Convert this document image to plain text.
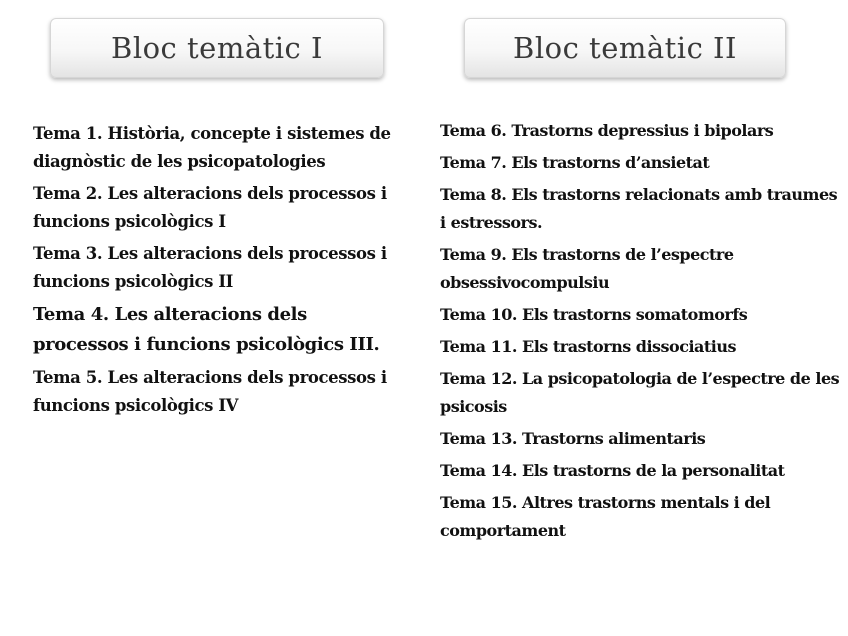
Bloc temàtic I	Bloc temàtic II
Tema 1. Història, concepte i sistemes de diagnòstic de les psicopatologies
Tema 2. Les alteracions dels processos i funcions psicològics I
Tema 3. Les alteracions dels processos i funcions psicològics II
Tema 4. Les alteracions dels processos i funcions psicològics III.
Tema 5. Les alteracions dels processos i funcions psicològics IV
Tema 6. Trastorns depressius i bipolars
Tema 7. Els trastorns d’ansietat
Tema 8. Els trastorns relacionats amb traumes i estressors.
Tema 9. Els trastorns de l’espectre obsessivocompulsiu
Tema 10. Els trastorns somatomorfs
Tema 11. Els trastorns dissociatius
Tema 12. La psicopatologia de l’espectre de les psicosis
Tema 13. Trastorns alimentaris
Tema 14. Els trastorns de la personalitat
Tema 15. Altres trastorns mentals i del comportament
